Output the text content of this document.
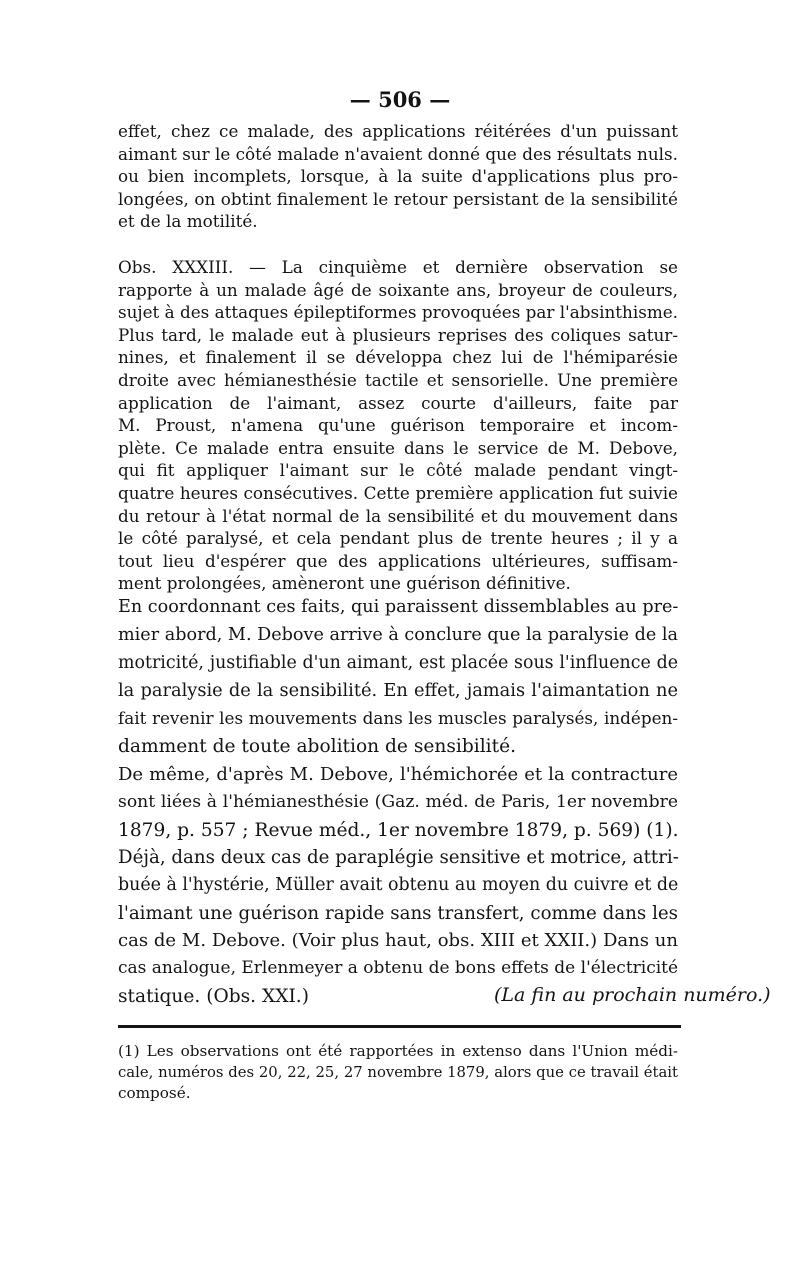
— 506 —
effet, chez ce malade, des applications réitérées d'un puissant
aimant sur le côté malade n'avaient donné que des résultats nuls.
ou bien incomplets, lorsque, à la suite d'applications plus pro-
longées, on obtint finalement le retour persistant de la sensibilité
et de la motilité.
Obs. XXXIII. — La cinquième et dernière observation se
rapporte à un malade âgé de soixante ans, broyeur de couleurs,
sujet à des attaques épileptiformes provoquées par l'absinthisme.
Plus tard, le malade eut à plusieurs reprises des coliques satur-
nines, et finalement il se développa chez lui de l'hémiparésie
droite avec hémianesthésie tactile et sensorielle. Une première
application de l'aimant, assez courte d'ailleurs, faite par
M. Proust, n'amena qu'une guérison temporaire et incom-
plète. Ce malade entra ensuite dans le service de M. Debove,
qui fit appliquer l'aimant sur le côté malade pendant vingt-
quatre heures consécutives. Cette première application fut suivie
du retour à l'état normal de la sensibilité et du mouvement dans
le côté paralysé, et cela pendant plus de trente heures ; il y a
tout lieu d'espérer que des applications ultérieures, suffisam-
ment prolongées, amèneront une guérison définitive.
En coordonnant ces faits, qui paraissent dissemblables au pre-
mier abord, M. Debove arrive à conclure que la paralysie de la
motricité, justifiable d'un aimant, est placée sous l'influence de
la paralysie de la sensibilité. En effet, jamais l'aimantation ne
fait revenir les mouvements dans les muscles paralysés, indépen-
damment de toute abolition de sensibilité.
De même, d'après M. Debove, l'hémichorée et la contracture
sont liées à l'hémianesthésie (Gaz. méd. de Paris, 1er novembre
1879, p. 557 ; Revue méd., 1er novembre 1879, p. 569) (1).
Déjà, dans deux cas de paraplégie sensitive et motrice, attri-
buée à l'hystérie, Müller avait obtenu au moyen du cuivre et de
l'aimant une guérison rapide sans transfert, comme dans les
cas de M. Debove. (Voir plus haut, obs. XIII et XXII.) Dans un
cas analogue, Erlenmeyer a obtenu de bons effets de l'électricité
statique. (Obs. XXI.)	(La fin au prochain numéro.)
(1) Les observations ont été rapportées in extenso dans l'Union médi-
cale, numéros des 20, 22, 25, 27 novembre 1879, alors que ce travail était
composé.
